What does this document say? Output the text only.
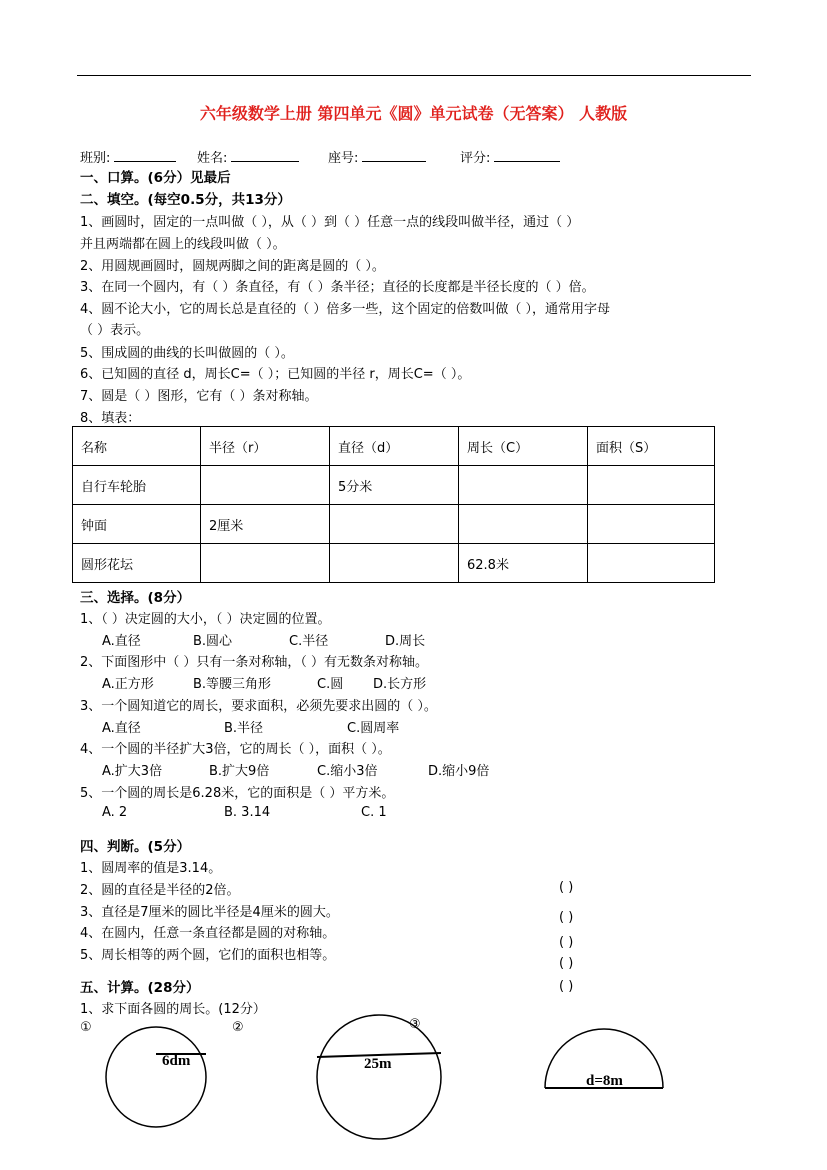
六年级数学上册 第四单元《圆》单元试卷（无答案） 人教版
班别:	姓名:	座号:	评分:
一、口算。(6分）见最后
二、填空。(每空0.5分，共13分）
1、画圆时，固定的一点叫做（ ），从（ ）到（ ）任意一点的线段叫做半径，通过（ ）
并且两端都在圆上的线段叫做（ ）。
2、用圆规画圆时，圆规两脚之间的距离是圆的（ ）。
3、在同一个圆内，有（ ）条直径，有（ ）条半径；直径的长度都是半径长度的（ ）倍。
4、圆不论大小，它的周长总是直径的（ ）倍多一些，这个固定的倍数叫做（ ），通常用字母
（ ）表示。
5、围成圆的曲线的长叫做圆的（ ）。
6、已知圆的直径 d，周长C=（ ）；已知圆的半径 r，周长C=（ ）。
7、圆是（ ）图形，它有（ ）条对称轴。
8、填表：
名称	半径（r）	直径（d）	周长（C）	面积（S）
自行车轮胎		5分米		
钟面	2厘米			
圆形花坛			62.8米	
三、选择。(8分）
1、（ ）决定圆的大小，（ ）决定圆的位置。
A.直径	B.圆心	C.半径	D.周长
2、下面图形中（ ）只有一条对称轴，（ ）有无数条对称轴。
A.正方形	B.等腰三角形	C.圆 D.长方形
3、一个圆知道它的周长，要求面积，必须先要求出圆的（ ）。
A.直径	B.半径	C.圆周率
4、一个圆的半径扩大3倍，它的周长（ ），面积（ ）。
A.扩大3倍	B.扩大9倍	C.缩小3倍	D.缩小9倍
5、一个圆的周长是6.28米，它的面积是（ ）平方米。
A. 2	B. 3.14	C. 1
四、判断。(5分）
1、圆周率的值是3.14。
2、圆的直径是半径的2倍。
3、直径是7厘米的圆比半径是4厘米的圆大。
4、在圆内，任意一条直径都是圆的对称轴。
5、周长相等的两个圆，它们的面积也相等。
( )
( )
( )
( )
( )
五、计算。(28分）
1、求下面各圆的周长。(12分）
①	②	③
6dm	25m
d=8m
